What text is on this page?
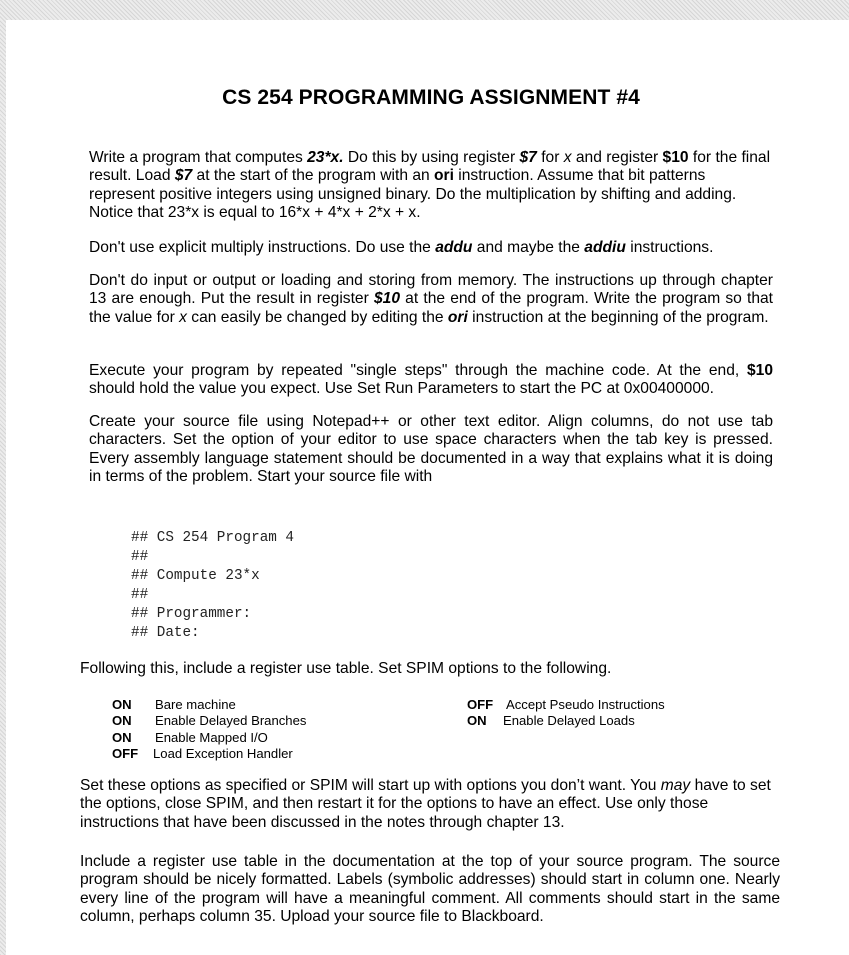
CS 254 PROGRAMMING ASSIGNMENT #4

Write a program that computes 23*x. Do this by using register $7 for x and register $10 for the final result. Load $7 at the start of the program with an ori instruction. Assume that bit patterns represent positive integers using unsigned binary. Do the multiplication by shifting and adding. Notice that 23*x is equal to 16*x + 4*x + 2*x + x.

Don't use explicit multiply instructions. Do use the addu and maybe the addiu instructions.

Don't do input or output or loading and storing from memory. The instructions up through chapter 13 are enough. Put the result in register $10 at the end of the program. Write the program so that the value for x can easily be changed by editing the ori instruction at the beginning of the program.

Execute your program by repeated "single steps" through the machine code. At the end, $10 should hold the value you expect. Use Set Run Parameters to start the PC at 0x00400000.

Create your source file using Notepad++ or other text editor. Align columns, do not use tab characters. Set the option of your editor to use space characters when the tab key is pressed. Every assembly language statement should be documented in a way that explains what it is doing in terms of the problem. Start your source file with

## CS 254 Program 4
##
## Compute 23*x
##
## Programmer:
## Date:

Following this, include a register use table. Set SPIM options to the following.

ON Bare machine
ON Enable Delayed Branches
ON Enable Mapped I/O
OFF Load Exception Handler
OFF Accept Pseudo Instructions
ON Enable Delayed Loads

Set these options as specified or SPIM will start up with options you don’t want. You may have to set the options, close SPIM, and then restart it for the options to have an effect. Use only those instructions that have been discussed in the notes through chapter 13.

Include a register use table in the documentation at the top of your source program. The source program should be nicely formatted. Labels (symbolic addresses) should start in column one. Nearly every line of the program will have a meaningful comment. All comments should start in the same column, perhaps column 35. Upload your source file to Blackboard.
